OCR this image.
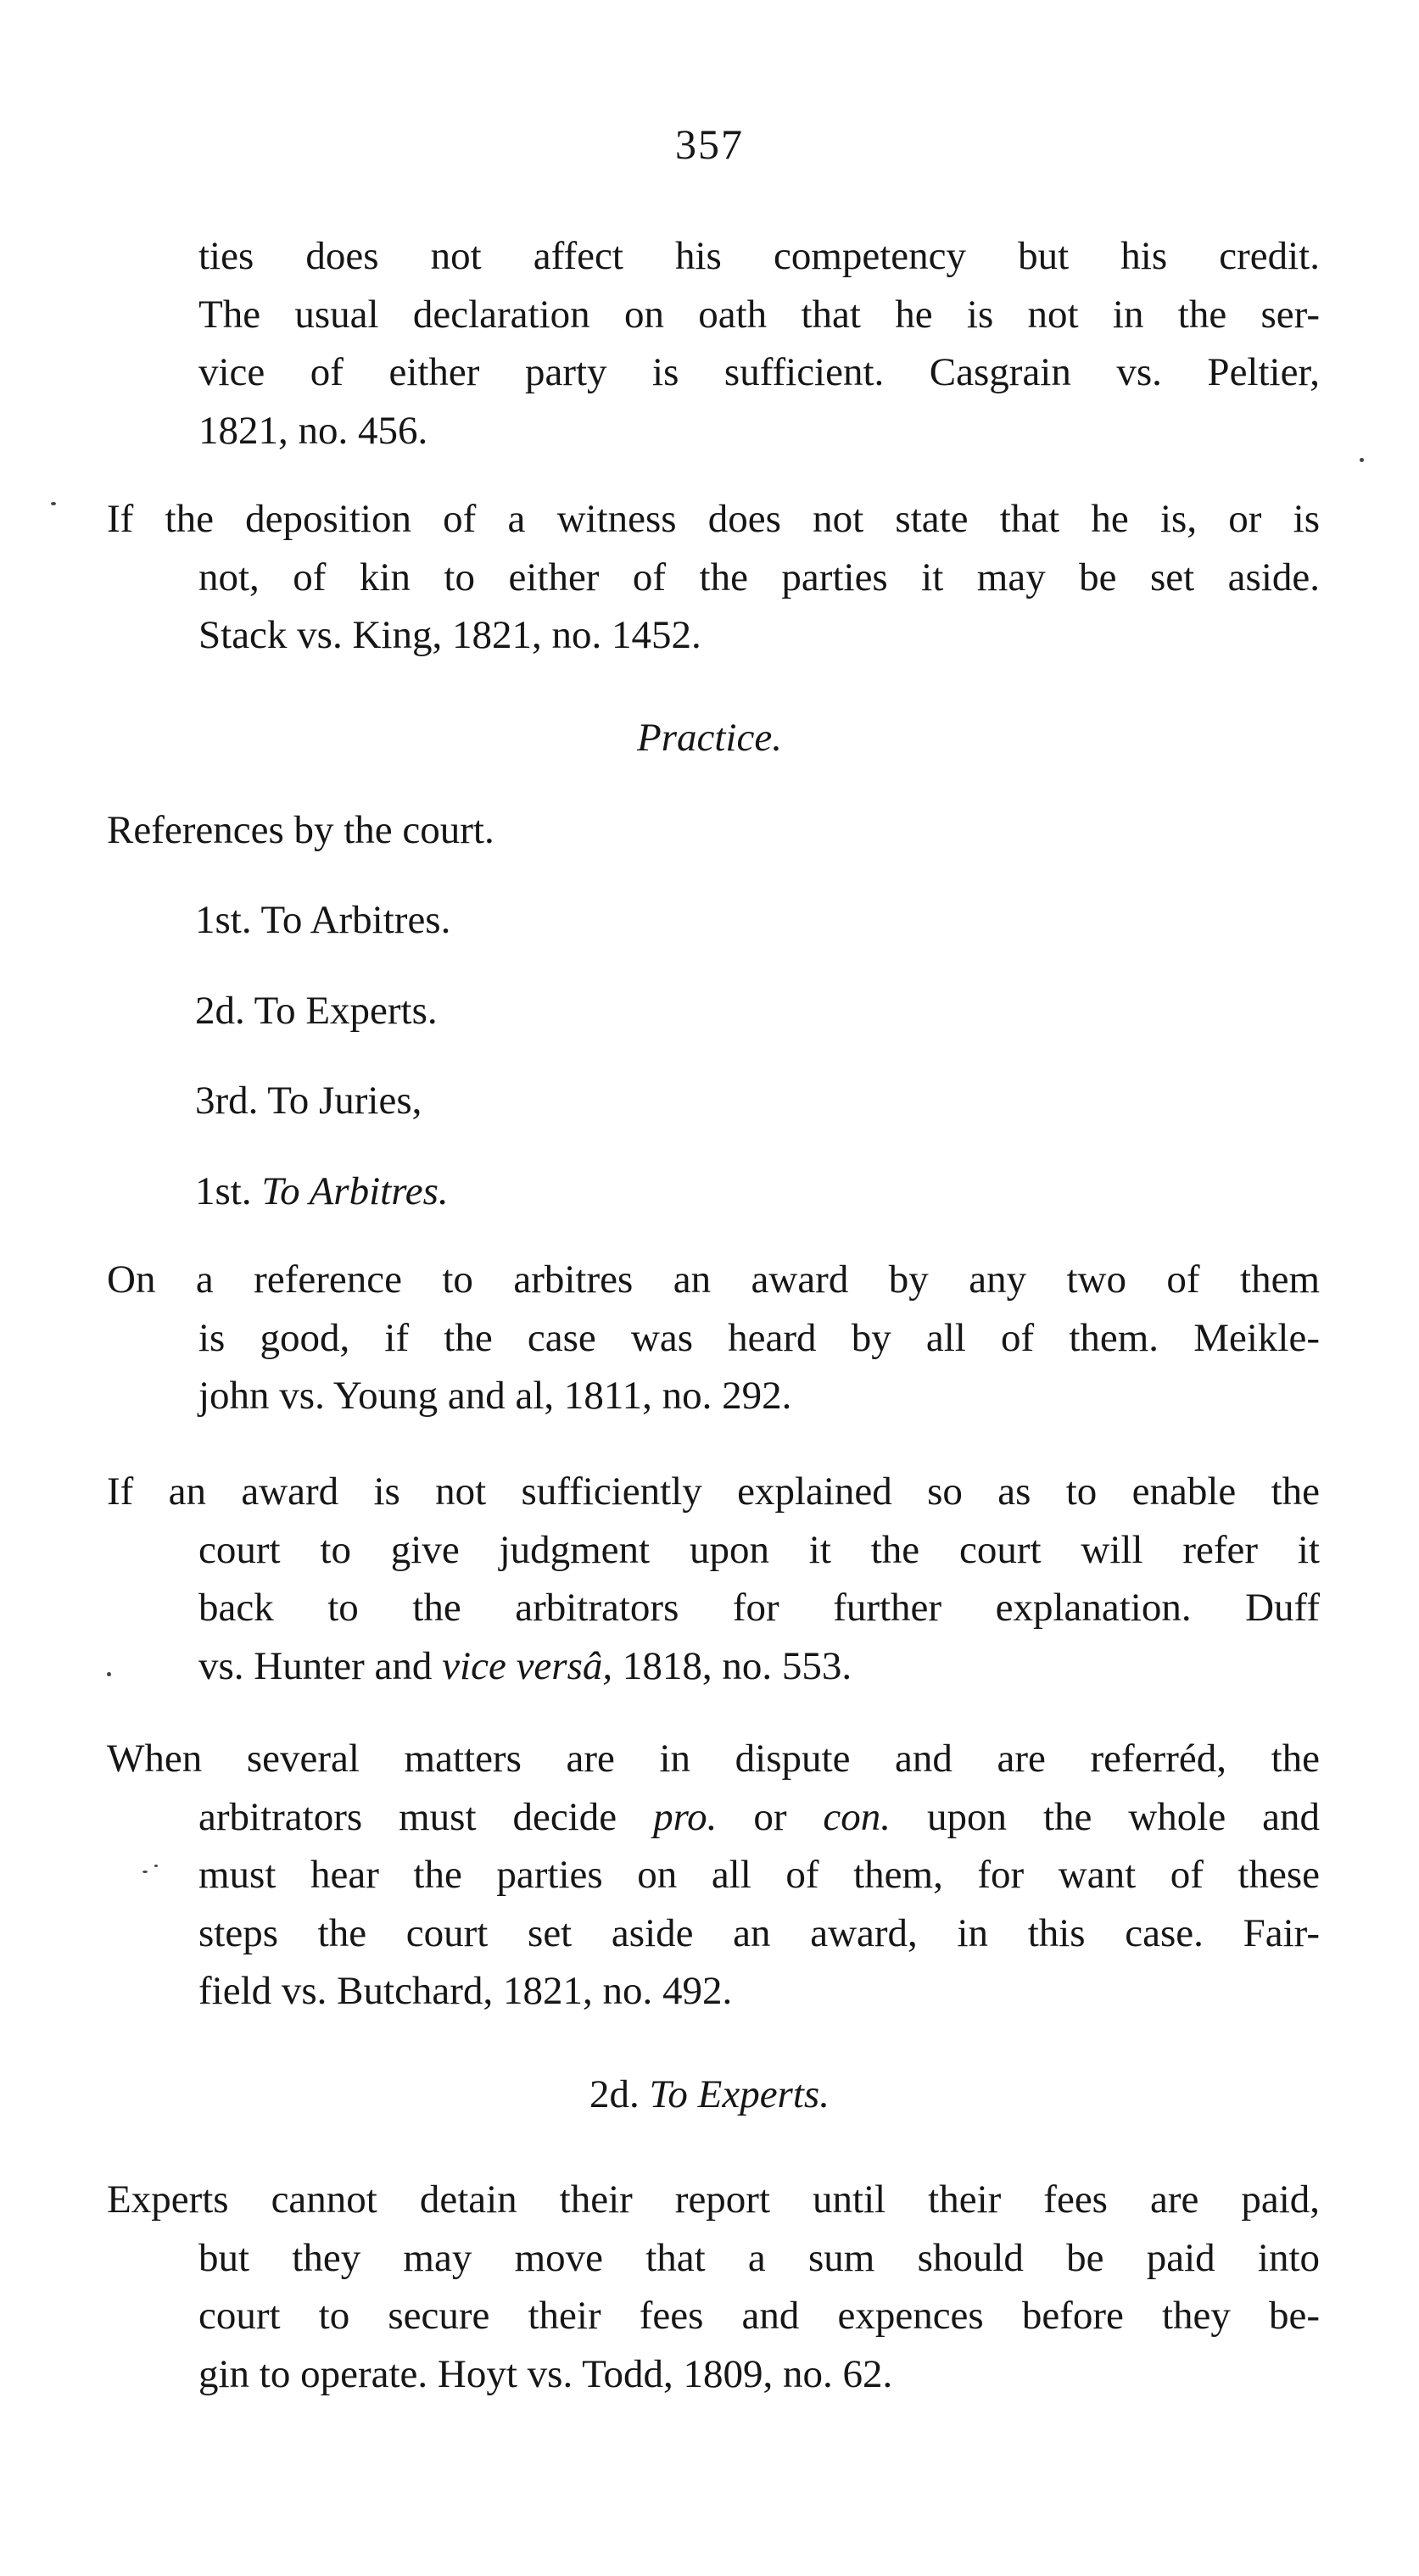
357
ties does not affect his competency but his credit.
The usual declaration on oath that he is not in the ser-
vice of either party is sufficient. Casgrain vs. Peltier,
1821, no. 456.
If the deposition of a witness does not state that he is, or is
not, of kin to either of the parties it may be set aside.
Stack vs. King, 1821, no. 1452.
Practice.
References by the court.
1st. To Arbitres.
2d. To Experts.
3rd. To Juries,
1st. To Arbitres.
On a reference to arbitres an award by any two of them
is good, if the case was heard by all of them. Meikle-
john vs. Young and al, 1811, no. 292.
If an award is not sufficiently explained so as to enable the
court to give judgment upon it the court will refer it
back to the arbitrators for further explanation. Duff
vs. Hunter and vice versâ, 1818, no. 553.
When several matters are in dispute and are referréd, the
arbitrators must decide pro. or con. upon the whole and
must hear the parties on all of them, for want of these
steps the court set aside an award, in this case. Fair-
field vs. Butchard, 1821, no. 492.
2d. To Experts.
Experts cannot detain their report until their fees are paid,
but they may move that a sum should be paid into
court to secure their fees and expences before they be-
gin to operate. Hoyt vs. Todd, 1809, no. 62.
